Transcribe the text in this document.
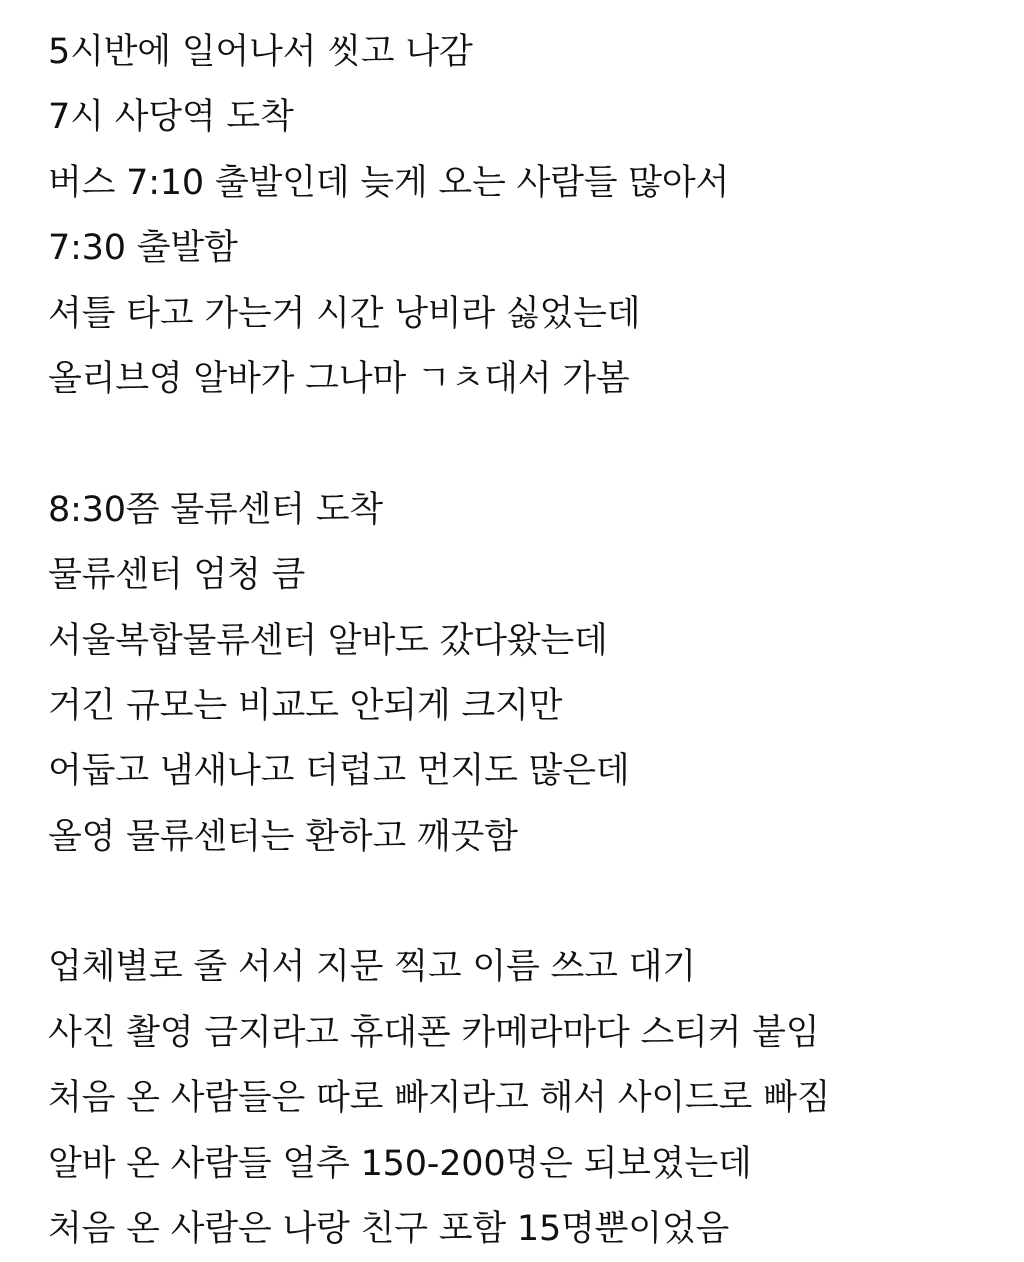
5시반에 일어나서 씻고 나감
7시 사당역 도착
버스 7:10 출발인데 늦게 오는 사람들 많아서
7:30 출발함
셔틀 타고 가는거 시간 낭비라 싫었는데
올리브영 알바가 그나마 ㄱㅊ대서 가봄
8:30쯤 물류센터 도착
물류센터 엄청 큼
서울복합물류센터 알바도 갔다왔는데
거긴 규모는 비교도 안되게 크지만
어둡고 냄새나고 더럽고 먼지도 많은데
올영 물류센터는 환하고 깨끗함
업체별로 줄 서서 지문 찍고 이름 쓰고 대기
사진 촬영 금지라고 휴대폰 카메라마다 스티커 붙임
처음 온 사람들은 따로 빠지라고 해서 사이드로 빠짐
알바 온 사람들 얼추 150-200명은 되보였는데
처음 온 사람은 나랑 친구 포함 15명뿐이었음
